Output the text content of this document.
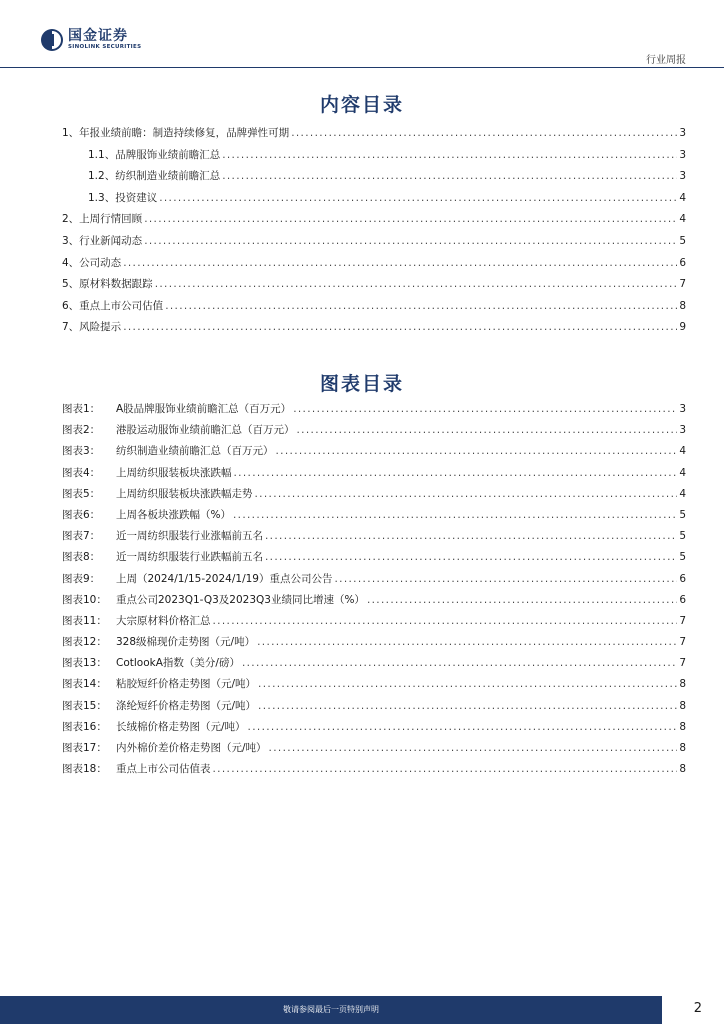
国金证券
SINOLINK SECURITIES
行业周报
内容目录
1、年报业绩前瞻：制造持续修复，品牌弹性可期 . . .	3
1.1、品牌服饰业绩前瞻汇总 . . .	3
1.2、纺织制造业绩前瞻汇总 . . .	3
1.3、投资建议 . . .	4
2、上周行情回顾 . . .	4
3、行业新闻动态 . . .	5
4、公司动态 . . .	6
5、原材料数据跟踪 . . .	7
6、重点上市公司估值 . . .	8
7、风险提示 . . .	9
图表目录
图表1： A股品牌服饰业绩前瞻汇总（百万元） . . .	3
图表2： 港股运动服饰业绩前瞻汇总（百万元） . . .	3
图表3： 纺织制造业绩前瞻汇总（百万元） . . .	4
图表4： 上周纺织服装板块涨跌幅 . . .	4
图表5： 上周纺织服装板块涨跌幅走势 . . .	4
图表6： 上周各板块涨跌幅（%） . . .	5
图表7： 近一周纺织服装行业涨幅前五名 . . .	5
图表8： 近一周纺织服装行业跌幅前五名 . . .	5
图表9： 上周（2024/1/15-2024/1/19）重点公司公告 . . .	6
图表10： 重点公司2023Q1-Q3及2023Q3业绩同比增速（%） . . .	6
图表11： 大宗原材料价格汇总 . . .	7
图表12： 328级棉现价走势图（元/吨） . . .	7
图表13： CotlookA指数（美分/磅） . . .	7
图表14： 粘胶短纤价格走势图（元/吨） . . .	8
图表15： 涤纶短纤价格走势图（元/吨） . . .	8
图表16： 长绒棉价格走势图（元/吨） . . .	8
图表17： 内外棉价差价格走势图（元/吨） . . .	8
图表18： 重点上市公司估值表 . . .	8
敬请参阅最后一页特别声明	2
